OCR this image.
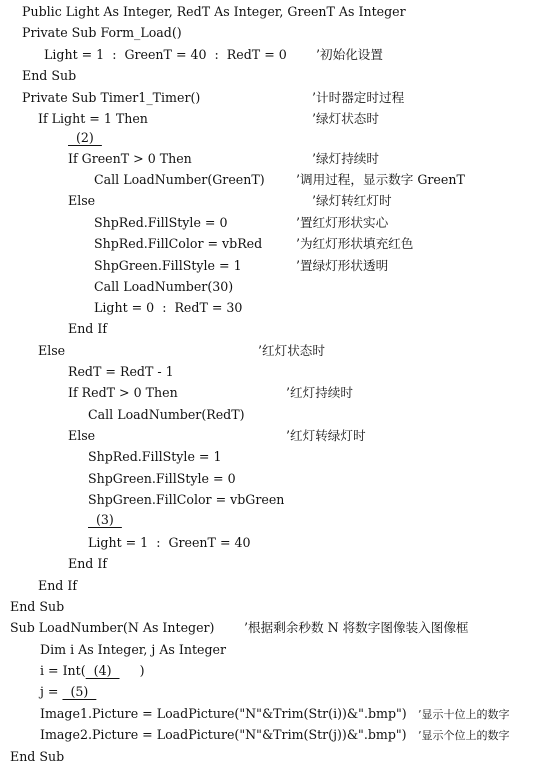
Public Light As Integer, RedT As Integer, GreenT As Integer
Private Sub Form_Load()
Light = 1  :  GreenT = 40  :  RedT = 0 ’初始化设置
End Sub
Private Sub Timer1_Timer()	’计时器定时过程
If Light = 1 Then	’绿灯状态时
(2)
If GreenT > 0 Then	’绿灯持续时
Call LoadNumber(GreenT) ’调用过程，显示数字 GreenT
Else	’绿灯转红灯时
ShpRed.FillStyle = 0	’置红灯形状实心
ShpRed.FillColor = vbRed	’为红灯形状填充红色
ShpGreen.FillStyle = 1	’置绿灯形状透明
Call LoadNumber(30)
Light = 0  :  RedT = 30
End If
Else	’红灯状态时
RedT = RedT - 1
If RedT > 0 Then	’红灯持续时
Call LoadNumber(RedT)
Else	’红灯转绿灯时
ShpRed.FillStyle = 1
ShpGreen.FillStyle = 0
ShpGreen.FillColor = vbGreen
(3)
Light = 1  :  GreenT = 40
End If
End If
End Sub
Sub LoadNumber(N As Integer) ’根据剩余秒数 N 将数字图像装入图像框
Dim i As Integer, j As Integer
i = Int(  (4)   )
j =   (5)
Image1.Picture = LoadPicture("N"&Trim(Str(i))&".bmp") ’显示十位上的数字
Image2.Picture = LoadPicture("N"&Trim(Str(j))&".bmp") ’显示个位上的数字
End Sub
